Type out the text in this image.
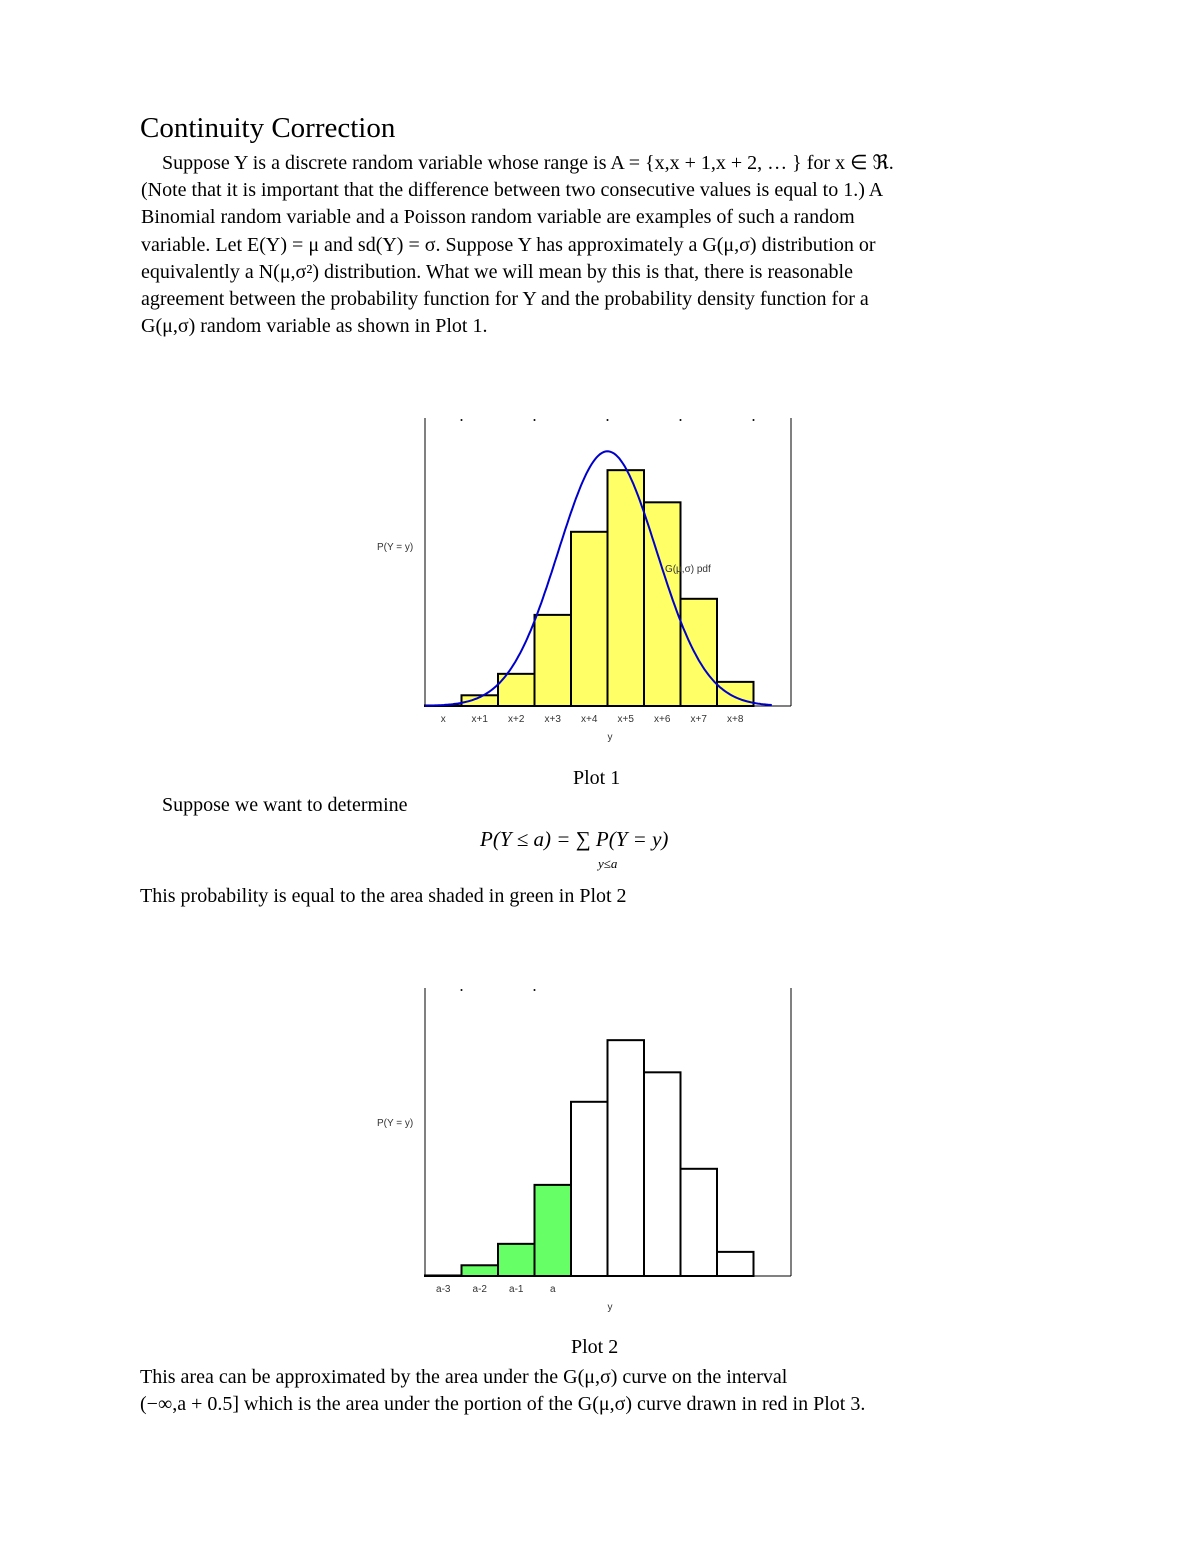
Continuity Correction
Suppose Y is a discrete random variable whose range is A = {x,x + 1,x + 2, … } for x ∈ ℜ.
(Note that it is important that the difference between two consecutive values is equal to 1.) A
Binomial random variable and a Poisson random variable are examples of such a random
variable. Let E(Y) = μ and sd(Y) = σ. Suppose Y has approximately a G(μ,σ) distribution or
equivalently a N(μ,σ²) distribution. What we will mean by this is that, there is reasonable
agreement between the probability function for Y and the probability density function for a
G(μ,σ) random variable as shown in Plot 1.
x	x+1 x+2 x+3 x+4 x+5 x+6 x+7 x+8
y
P(Y = y)
G(μ,σ) pdf
Plot 1
Suppose we want to determine
P(Y ≤ a) = ∑ P(Y = y)
y≤a
This probability is equal to the area shaded in green in Plot 2
a-3 a-2 a-1	a
y
P(Y = y)
Plot 2
This area can be approximated by the area under the G(μ,σ) curve on the interval
(−∞,a + 0.5] which is the area under the portion of the G(μ,σ) curve drawn in red in Plot 3.
